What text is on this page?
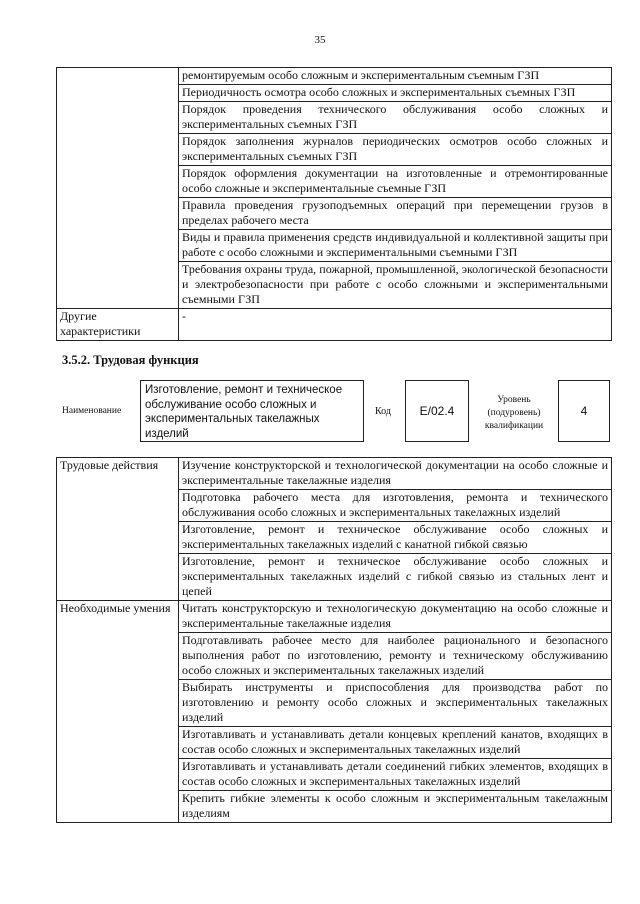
35
	ремонтируемым особо сложным и экспериментальным съемным ГЗП
	Периодичность осмотра особо сложных и экспериментальных съемных ГЗП
	Порядок проведения технического обслуживания особо сложных и экспериментальных съемных ГЗП
	Порядок заполнения журналов периодических осмотров особо сложных и экспериментальных съемных ГЗП
	Порядок оформления документации на изготовленные и отремонтированные особо сложные и экспериментальные съемные ГЗП
	Правила проведения грузоподъемных операций при перемещении грузов в пределах рабочего места
	Виды и правила применения средств индивидуальной и коллективной защиты при работе с особо сложными и экспериментальными съемными ГЗП
	Требования охраны труда, пожарной, промышленной, экологической безопасности и электробезопасности при работе с особо сложными и экспериментальными съемными ГЗП
Другие характеристики	-
3.5.2. Трудовая функция
Наименование
Изготовление, ремонт и техническое обслуживание особо сложных и экспериментальных такелажных изделий
Код	E/02.4
Уровень (подуровень) квалификации
4
Трудовые действия	Изучение конструкторской и технологической документации на особо сложные и экспериментальные такелажные изделия
	Подготовка рабочего места для изготовления, ремонта и технического обслуживания особо сложных и экспериментальных такелажных изделий
	Изготовление, ремонт и техническое обслуживание особо сложных и экспериментальных такелажных изделий с канатной гибкой связью
	Изготовление, ремонт и техническое обслуживание особо сложных и экспериментальных такелажных изделий с гибкой связью из стальных лент и цепей
Необходимые умения	Читать конструкторскую и технологическую документацию на особо сложные и экспериментальные такелажные изделия
	Подготавливать рабочее место для наиболее рационального и безопасного выполнения работ по изготовлению, ремонту и техническому обслуживанию особо сложных и экспериментальных такелажных изделий
	Выбирать инструменты и приспособления для производства работ по изготовлению и ремонту особо сложных и экспериментальных такелажных изделий
	Изготавливать и устанавливать детали концевых креплений канатов, входящих в состав особо сложных и экспериментальных такелажных изделий
	Изготавливать и устанавливать детали соединений гибких элементов, входящих в состав особо сложных и экспериментальных такелажных изделий
	Крепить гибкие элементы к особо сложным и экспериментальным такелажным изделиям
